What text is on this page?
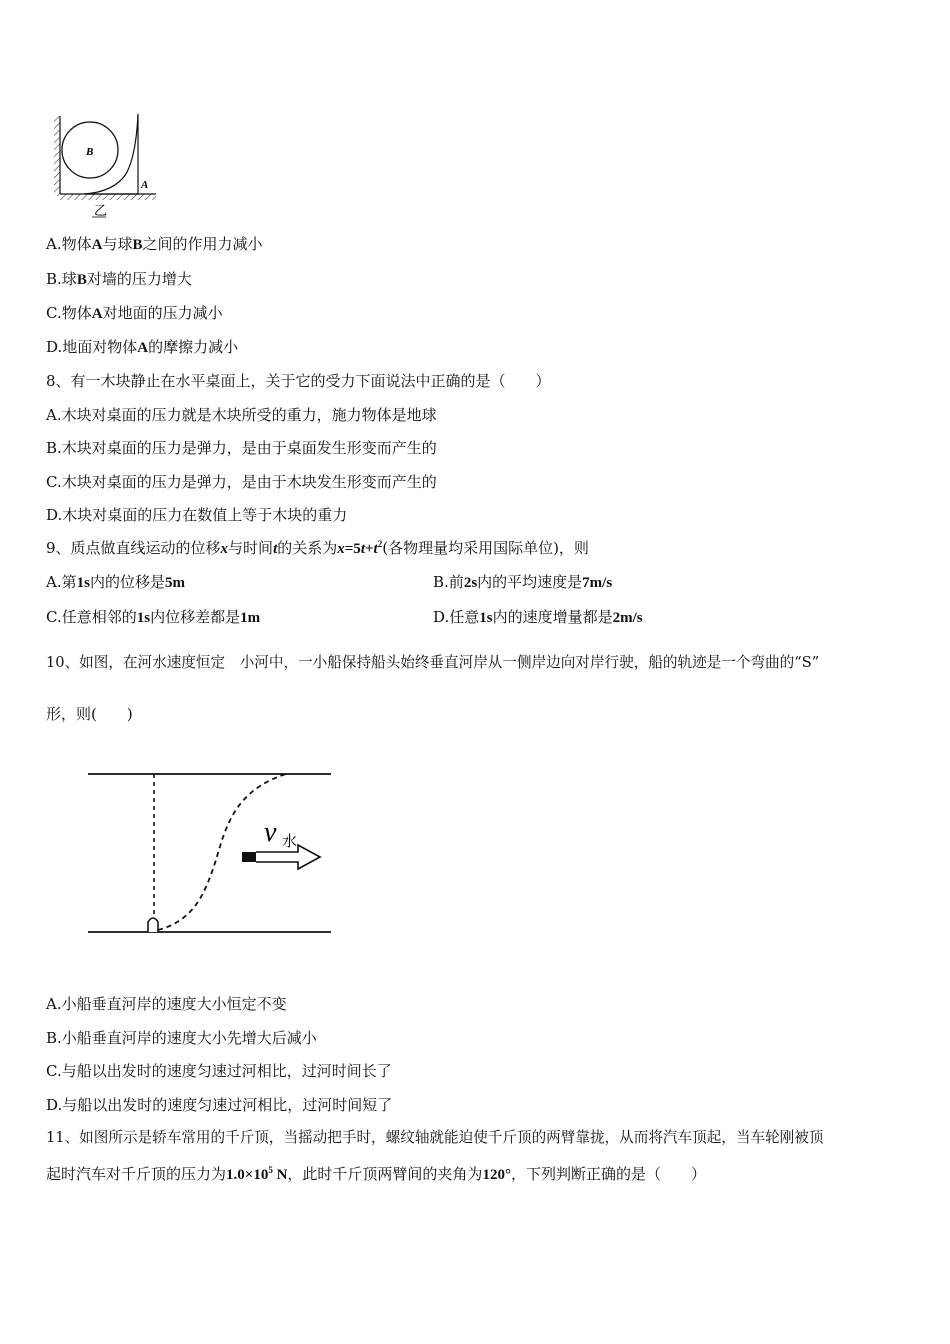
B
A
乙
A.物体A与球B之间的作用力减小
B.球B对墙的压力增大
C.物体A对地面的压力减小
D.地面对物体A的摩擦力减小
8、有一木块静止在水平桌面上，关于它的受力下面说法中正确的是（　　）
A.木块对桌面的压力就是木块所受的重力，施力物体是地球
B.木块对桌面的压力是弹力，是由于桌面发生形变而产生的
C.木块对桌面的压力是弹力，是由于木块发生形变而产生的
D.木块对桌面的压力在数值上等于木块的重力
9、质点做直线运动的位移x与时间t的关系为$x=5t+t^2$(各物理量均采用国际单位)，则
A.第1s内的位移是5m	B.前2s内的平均速度是7m/s
C.任意相邻的1s内位移差都是1m	D.任意1s内的速度增量都是2m/s
10、如图，在河水速度恒定　小河中，一小船保持船头始终垂直河岸从一侧岸边向对岸行驶，船的轨迹是一个弯曲的“S”
形，则(　　)
v 水
A.小船垂直河岸的速度大小恒定不变
B.小船垂直河岸的速度大小先增大后减小
C.与船以出发时的速度匀速过河相比，过河时间长了
D.与船以出发时的速度匀速过河相比，过河时间短了
11、如图所示是轿车常用的千斤顶，当摇动把手时，螺纹轴就能迫使千斤顶的两臂靠拢，从而将汽车顶起，当车轮刚被顶
起时汽车对千斤顶的压力为$1.0\times 10^5$ N，此时千斤顶两臂间的夹角为120°，下列判断正确的是（　　）
